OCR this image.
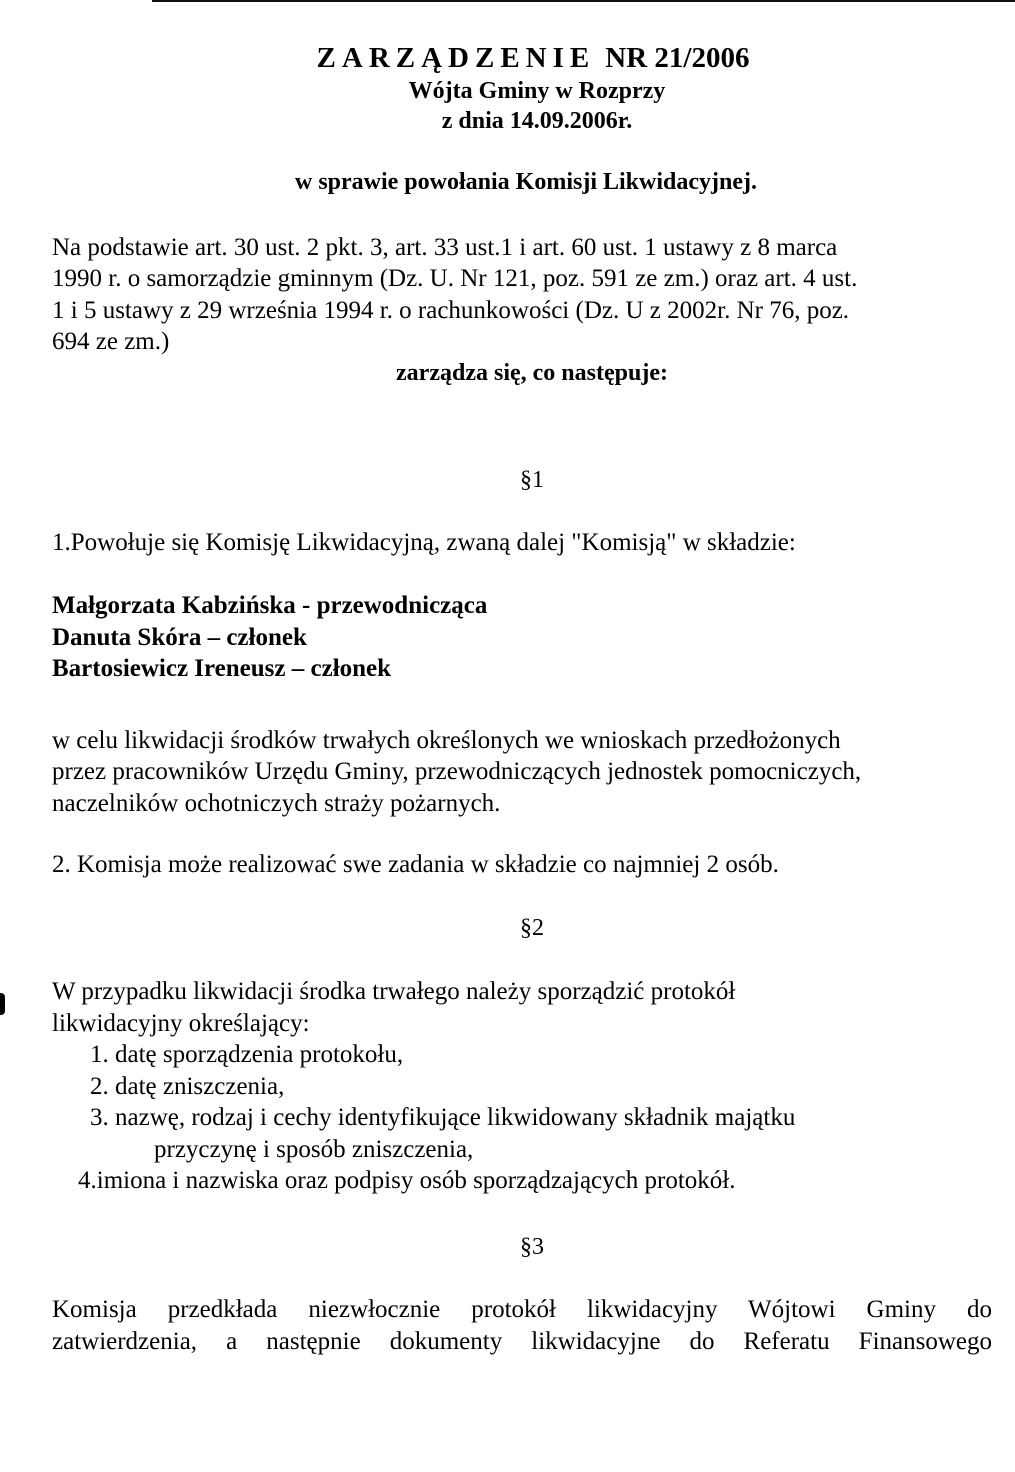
ZARZĄDZENIE NR 21/2006
Wójta Gminy w Rozprzy
z dnia 14.09.2006r.
w sprawie powołania Komisji Likwidacyjnej.
Na podstawie art. 30 ust. 2 pkt. 3, art. 33 ust.1 i art. 60 ust. 1 ustawy z 8 marca
1990 r. o samorządzie gminnym (Dz. U. Nr 121, poz. 591 ze zm.) oraz art. 4 ust.
1 i 5 ustawy z 29 września 1994 r. o rachunkowości (Dz. U z 2002r. Nr 76, poz.
694 ze zm.)
zarządza się, co następuje:
§1
1.Powołuje się Komisję Likwidacyjną, zwaną dalej "Komisją" w składzie:
Małgorzata Kabzińska - przewodnicząca
Danuta Skóra – członek
Bartosiewicz Ireneusz – członek
w celu likwidacji środków trwałych określonych we wnioskach przedłożonych
przez pracowników Urzędu Gminy, przewodniczących jednostek pomocniczych,
naczelników ochotniczych straży pożarnych.
2. Komisja może realizować swe zadania w składzie co najmniej 2 osób.
§2
W przypadku likwidacji środka trwałego należy sporządzić protokół
likwidacyjny określający:
1. datę sporządzenia protokołu,
2. datę zniszczenia,
3. nazwę, rodzaj i cechy identyfikujące likwidowany składnik majątku
przyczynę i sposób zniszczenia,
4.imiona i nazwiska oraz podpisy osób sporządzających protokół.
§3
Komisja przedkłada niezwłocznie protokół likwidacyjny Wójtowi Gminy do
zatwierdzenia, a następnie dokumenty likwidacyjne do Referatu Finansowego
